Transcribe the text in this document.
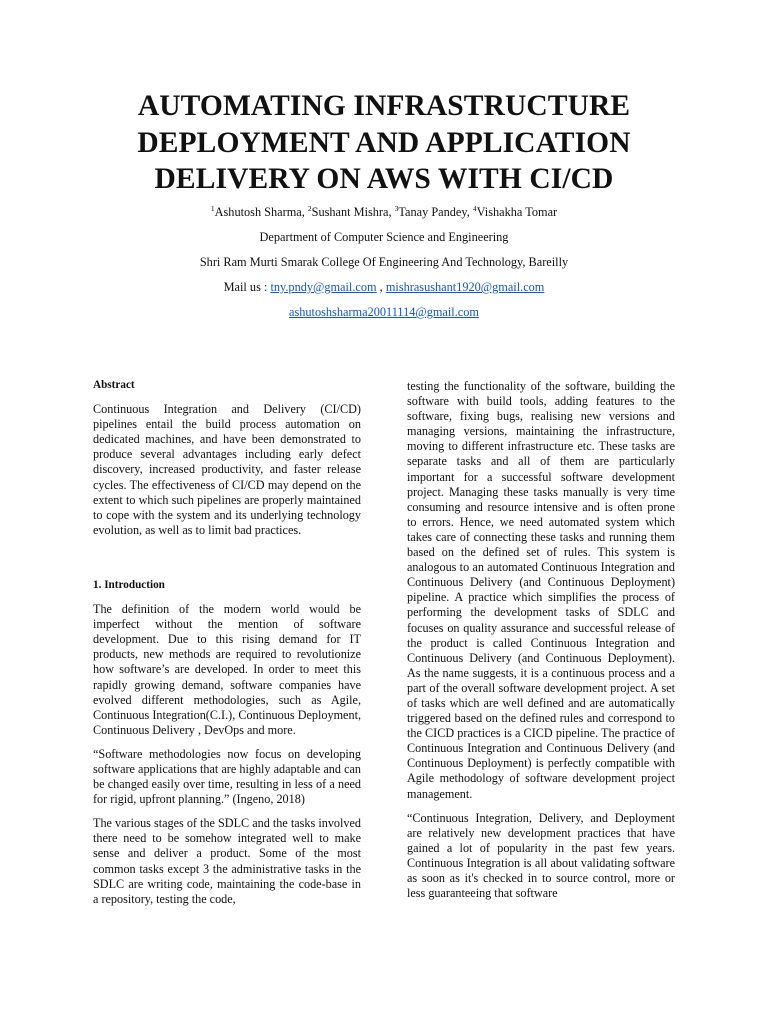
AUTOMATING INFRASTRUCTURE
DEPLOYMENT AND APPLICATION
DELIVERY ON AWS WITH CI/CD

$^1$Ashutosh Sharma, $^2$Sushant Mishra, $^3$Tanay Pandey, $^4$Vishakha Tomar

Department of Computer Science and Engineering

Shri Ram Murti Smarak College Of Engineering And Technology, Bareilly

Mail us : tny.pndy@gmail.com , mishrasushant1920@gmail.com

ashutoshsharma20011114@gmail.com

Abstract

Continuous Integration and Delivery (CI/CD) pipelines entail the build process automation on dedicated machines, and have been demonstrated to produce several advantages including early defect discovery, increased productivity, and faster release cycles. The effectiveness of CI/CD may depend on the extent to which such pipelines are properly maintained to cope with the system and its underlying technology evolution, as well as to limit bad practices.

1. Introduction

The definition of the modern world would be imperfect without the mention of software development. Due to this rising demand for IT products, new methods are required to revolutionize how software’s are developed. In order to meet this rapidly growing demand, software companies have evolved different methodologies, such as Agile, Continuous Integration(C.I.), Continuous Deployment, Continuous Delivery , DevOps and more.

“Software methodologies now focus on developing software applications that are highly adaptable and can be changed easily over time, resulting in less of a need for rigid, upfront planning.” (Ingeno, 2018)

The various stages of the SDLC and the tasks involved there need to be somehow integrated well to make sense and deliver a product. Some of the most common tasks except 3 the administrative tasks in the SDLC are writing code, maintaining the code-base in a repository, testing the code,

testing the functionality of the software, building the software with build tools, adding features to the software, fixing bugs, realising new versions and managing versions, maintaining the infrastructure, moving to different infrastructure etc. These tasks are separate tasks and all of them are particularly important for a successful software development project. Managing these tasks manually is very time consuming and resource intensive and is often prone to errors. Hence, we need automated system which takes care of connecting these tasks and running them based on the defined set of rules. This system is analogous to an automated Continuous Integration and Continuous Delivery (and Continuous Deployment) pipeline. A practice which simplifies the process of performing the development tasks of SDLC and focuses on quality assurance and successful release of the product is called Continuous Integration and Continuous Delivery (and Continuous Deployment). As the name suggests, it is a continuous process and a part of the overall software development project. A set of tasks which are well defined and are automatically triggered based on the defined rules and correspond to the CICD practices is a CICD pipeline. The practice of Continuous Integration and Continuous Delivery (and Continuous Deployment) is perfectly compatible with Agile methodology of software development project management.

“Continuous Integration, Delivery, and Deployment are relatively new development practices that have gained a lot of popularity in the past few years. Continuous Integration is all about validating software as soon as it's checked in to source control, more or less guaranteeing that software
